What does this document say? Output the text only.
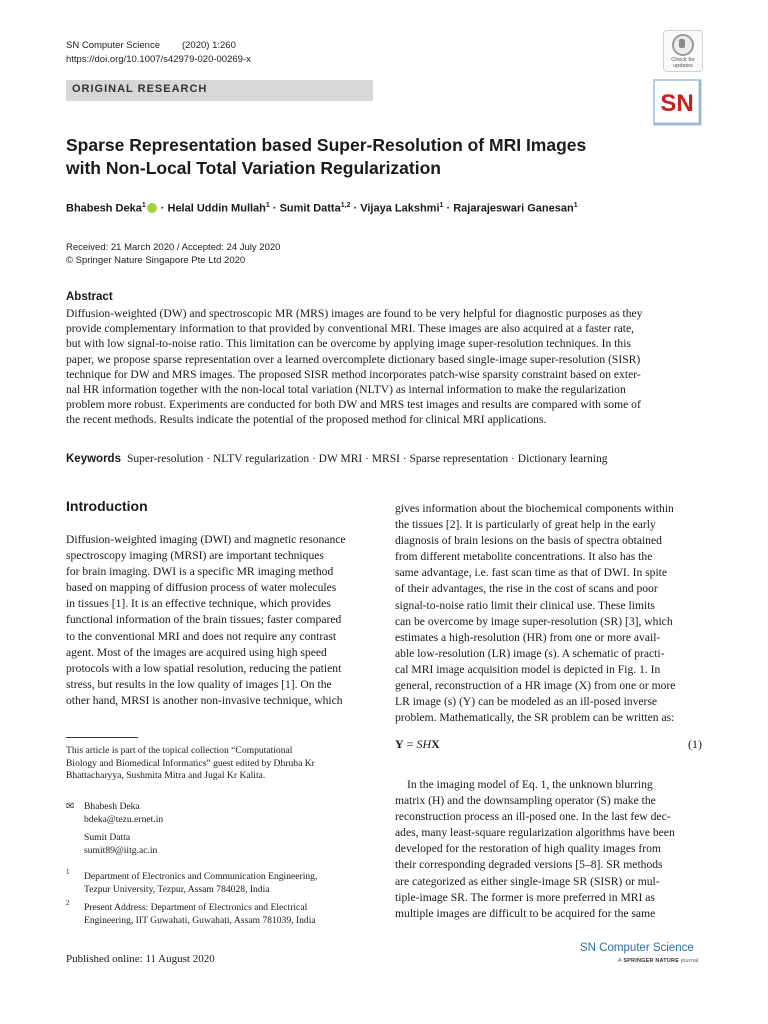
SN Computer Science (2020) 1:260
https://doi.org/10.1007/s42979-020-00269-x	Check for updates
SN
ORIGINAL RESEARCH
Sparse Representation based Super-Resolution of MRI Images
with Non-Local Total Variation Regularization
Bhabesh Deka$^1$ · Helal Uddin Mullah$^1$ · Sumit Datta$^{1,2}$ · Vijaya Lakshmi$^1$ · Rajarajeswari Ganesan$^1$
Received: 21 March 2020 / Accepted: 24 July 2020
© Springer Nature Singapore Pte Ltd 2020
Abstract
Diffusion-weighted (DW) and spectroscopic MR (MRS) images are found to be very helpful for diagnostic purposes as they
provide complementary information to that provided by conventional MRI. These images are also acquired at a faster rate,
but with low signal-to-noise ratio. This limitation can be overcome by applying image super-resolution techniques. In this
paper, we propose sparse representation over a learned overcomplete dictionary based single-image super-resolution (SISR)
technique for DW and MRS images. The proposed SISR method incorporates patch-wise sparsity constraint based on exter-
nal HR information together with the non-local total variation (NLTV) as internal information to make the regularization
problem more robust. Experiments are conducted for both DW and MRS test images and results are compared with some of
the recent methods. Results indicate the potential of the proposed method for clinical MRI applications.
Keywords Super-resolution · NLTV regularization · DW MRI · MRSI · Sparse representation · Dictionary learning
Introduction
Diffusion-weighted imaging (DWI) and magnetic resonance
spectroscopy imaging (MRSI) are important techniques
for brain imaging. DWI is a specific MR imaging method
based on mapping of diffusion process of water molecules
in tissues [1]. It is an effective technique, which provides
functional information of the brain tissues; faster compared
to the conventional MRI and does not require any contrast
agent. Most of the images are acquired using high speed
protocols with a low spatial resolution, reducing the patient
stress, but results in the low quality of images [1]. On the
other hand, MRSI is another non-invasive technique, which
gives information about the biochemical components within
the tissues [2]. It is particularly of great help in the early
diagnosis of brain lesions on the basis of spectra obtained
from different metabolite concentrations. It also has the
same advantage, i.e. fast scan time as that of DWI. In spite
of their advantages, the rise in the cost of scans and poor
signal-to-noise ratio limit their clinical use. These limits
can be overcome by image super-resolution (SR) [3], which
estimates a high-resolution (HR) from one or more avail-
able low-resolution (LR) image (s). A schematic of practi-
cal MRI image acquisition model is depicted in Fig. 1. In
general, reconstruction of a HR image (X) from one or more
LR image (s) (Y) can be modeled as an ill-posed inverse
problem. Mathematically, the SR problem can be written as:
Y = SHX	(1)
In the imaging model of Eq. 1, the unknown blurring
matrix (H) and the downsampling operator (S) make the
reconstruction process an ill-posed one. In the last few dec-
ades, many least-square regularization algorithms have been
developed for the restoration of high quality images from
their corresponding degraded versions [5–8]. SR methods
are categorized as either single-image SR (SISR) or mul-
tiple-image SR. The former is more preferred in MRI as
multiple images are difficult to be acquired for the same
This article is part of the topical collection “Computational
Biology and Biomedical Informatics” guest edited by Dhruba Kr
Bhattacharyya, Sushmita Mitra and Jugal Kr Kalita.
✉ Bhabesh Deka
bdeka@tezu.ernet.in
Sumit Datta
sumit89@iitg.ac.in
1 Department of Electronics and Communication Engineering,
Tezpur University, Tezpur, Assam 784028, India
2 Present Address: Department of Electronics and Electrical
Engineering, IIT Guwahati, Guwahati, Assam 781039, India
Published online: 11 August 2020
SN Computer Science
A SPRINGER NATURE journal
